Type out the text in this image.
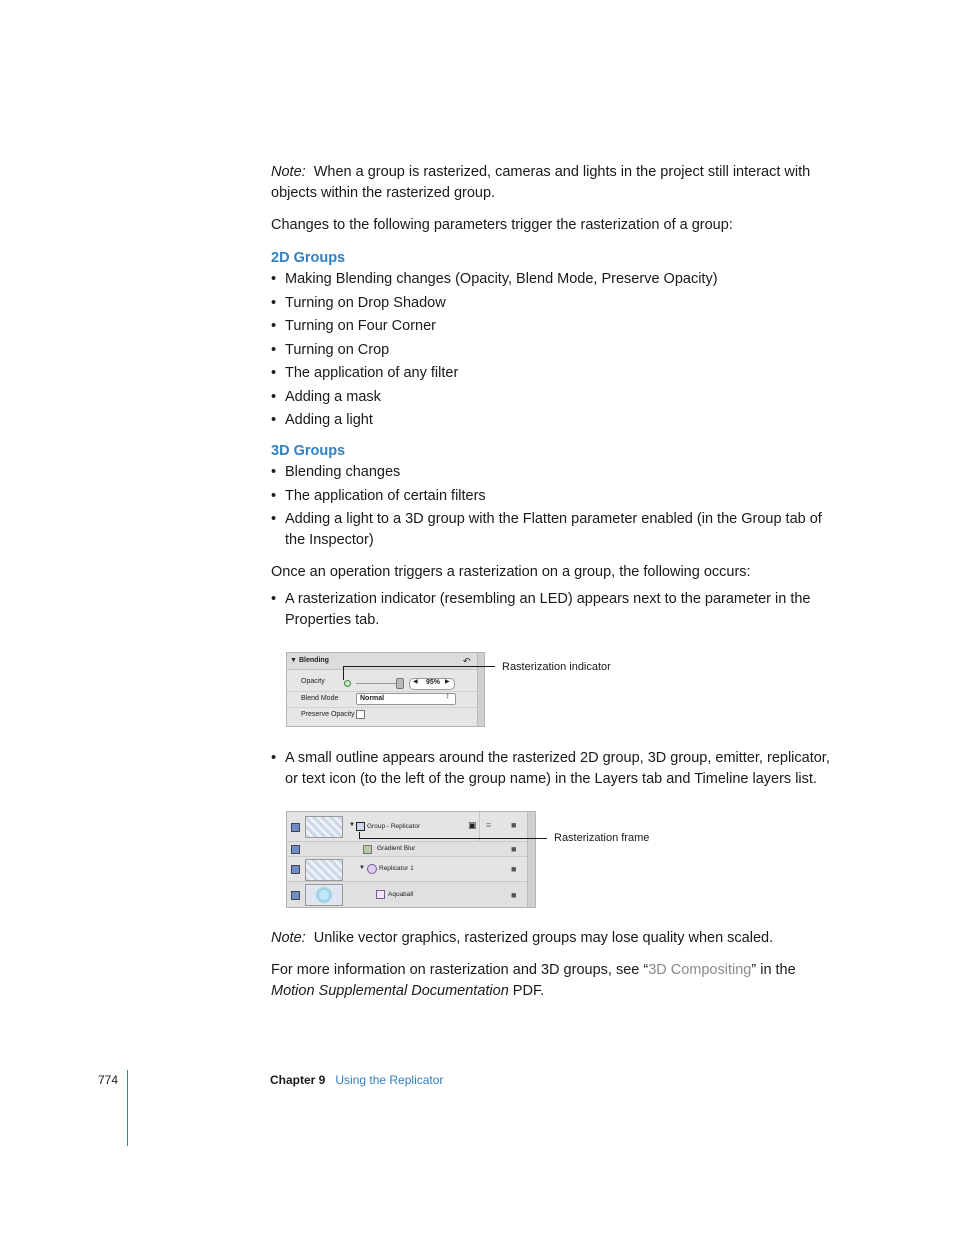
Note: When a group is rasterized, cameras and lights in the project still interact with objects within the rasterized group.

Changes to the following parameters trigger the rasterization of a group:

2D Groups
• Making Blending changes (Opacity, Blend Mode, Preserve Opacity)
• Turning on Drop Shadow
• Turning on Four Corner
• Turning on Crop
• The application of any filter
• Adding a mask
• Adding a light
3D Groups
• Blending changes
• The application of certain filters
• Adding a light to a 3D group with the Flatten parameter enabled (in the Group tab of the Inspector)

Once an operation triggers a rasterization on a group, the following occurs:

• A rasterization indicator (resembling an LED) appears next to the parameter in the Properties tab.
▼ Blending	↶
Opacity	◀ 95% ▶
Blend Mode	Normal	↕
Preserve Opacity
Rasterization indicator
• A small outline appears around the rasterized 2D group, 3D group, emitter, replicator, or text icon (to the left of the group name) in the Layers tab and Timeline layers list.
▼ Group - Replicator	▣ ≡ ■
Gradient Blur	■
▼ Replicator 1	■
Aquaball	■
Rasterization frame

Note: Unlike vector graphics, rasterized groups may lose quality when scaled.

For more information on rasterization and 3D groups, see “3D Compositing” in the Motion Supplemental Documentation PDF.

774	Chapter 9 Using the Replicator
